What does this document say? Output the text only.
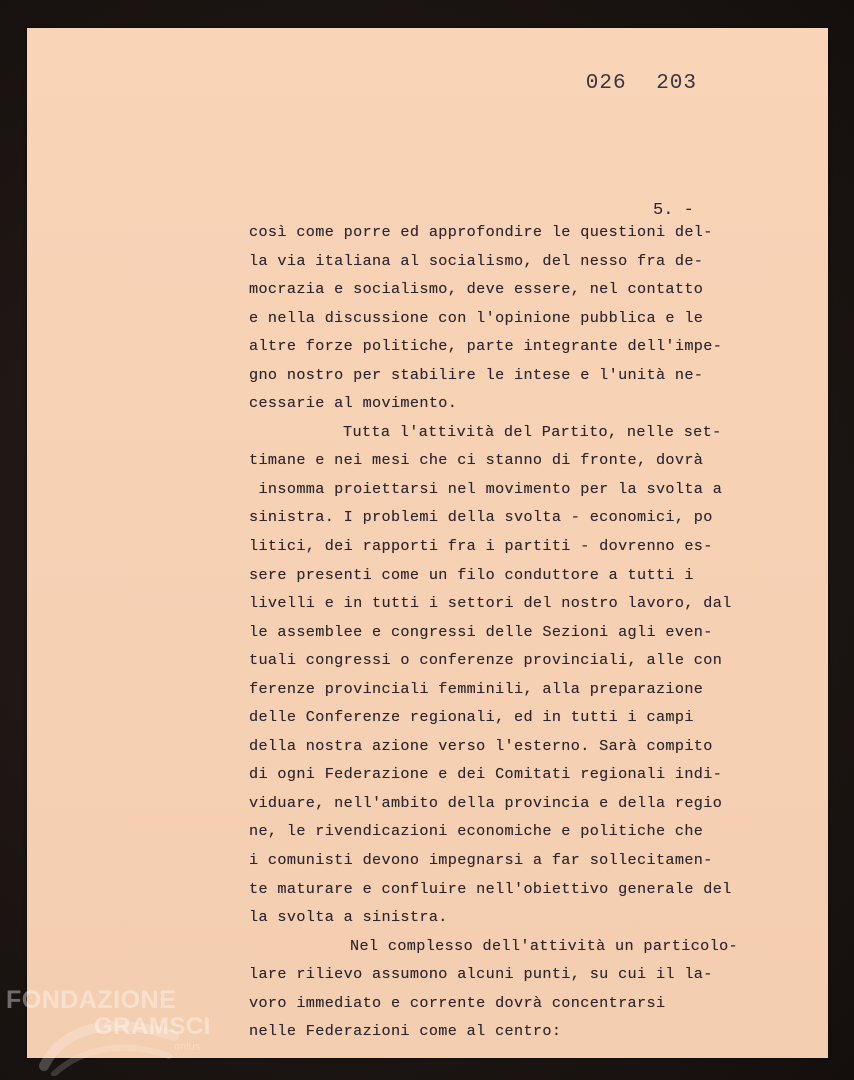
026 203
5. -
così come porre ed approfondire le questioni del-
la via italiana al socialismo, del nesso fra de-
mocrazia e socialismo, deve essere, nel contatto
e nella discussione con l'opinione pubblica e le
altre forze politiche, parte integrante dell'impe-
gno nostro per stabilire le intese e l'unità ne-
cessarie al movimento.
Tutta l'attività del Partito, nelle set-
timane e nei mesi che ci stanno di fronte, dovrà
insomma proiettarsi nel movimento per la svolta a
sinistra. I problemi della svolta - economici, po
litici, dei rapporti fra i partiti - dovrenno es-
sere presenti come un filo conduttore a tutti i
livelli e in tutti i settori del nostro lavoro, dal
le assemblee e congressi delle Sezioni agli even-
tuali congressi o conferenze provinciali, alle con
ferenze provinciali femminili, alla preparazione
delle Conferenze regionali, ed in tutti i campi
della nostra azione verso l'esterno. Sarà compito
di ogni Federazione e dei Comitati regionali indi-
viduare, nell'ambito della provincia e della regio
ne, le rivendicazioni economiche e politiche che
i comunisti devono impegnarsi a far sollecitamen-
te maturare e confluire nell'obiettivo generale del
la svolta a sinistra.
Nel complesso dell'attività un particolo-
lare rilievo assumono alcuni punti, su cui il la-
voro immediato e corrente dovrà concentrarsi
nelle Federazioni come al centro:
FONDAZIONE
GRAMSCI
onlus
